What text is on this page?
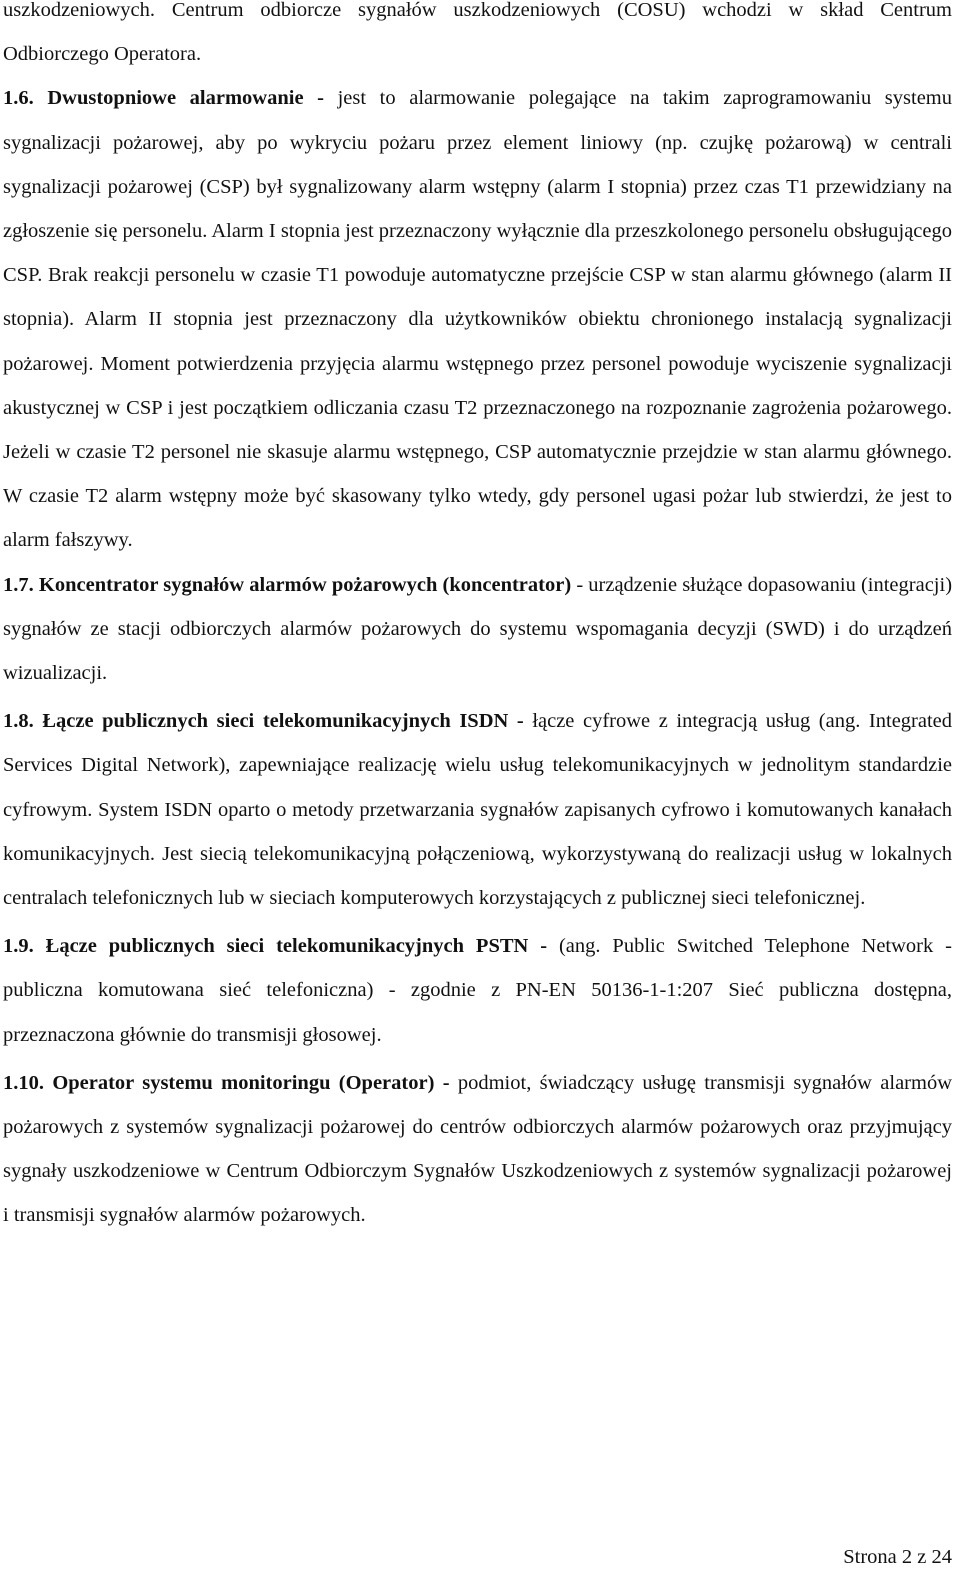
uszkodzeniowych. Centrum odbiorcze sygnałów uszkodzeniowych (COSU) wchodzi w skład Centrum Odbiorczego Operatora.

1.6. Dwustopniowe alarmowanie - jest to alarmowanie polegające na takim zaprogramowaniu systemu sygnalizacji pożarowej, aby po wykryciu pożaru przez element liniowy (np. czujkę pożarową) w centrali sygnalizacji pożarowej (CSP) był sygnalizowany alarm wstępny (alarm I stopnia) przez czas T1 przewidziany na zgłoszenie się personelu. Alarm I stopnia jest przeznaczony wyłącznie dla przeszkolonego personelu obsługującego CSP. Brak reakcji personelu w czasie T1 powoduje automatyczne przejście CSP w stan alarmu głównego (alarm II stopnia). Alarm II stopnia jest przeznaczony dla użytkowników obiektu chronionego instalacją sygnalizacji pożarowej. Moment potwierdzenia przyjęcia alarmu wstępnego przez personel powoduje wyciszenie sygnalizacji akustycznej w CSP i jest początkiem odliczania czasu T2 przeznaczonego na rozpoznanie zagrożenia pożarowego. Jeżeli w czasie T2 personel nie skasuje alarmu wstępnego, CSP automatycznie przejdzie w stan alarmu głównego. W czasie T2 alarm wstępny może być skasowany tylko wtedy, gdy personel ugasi pożar lub stwierdzi, że jest to alarm fałszywy.

1.7. Koncentrator sygnałów alarmów pożarowych (koncentrator) - urządzenie służące dopasowaniu (integracji) sygnałów ze stacji odbiorczych alarmów pożarowych do systemu wspomagania decyzji (SWD) i do urządzeń wizualizacji.

1.8. Łącze publicznych sieci telekomunikacyjnych ISDN - łącze cyfrowe z integracją usług (ang. Integrated Services Digital Network), zapewniające realizację wielu usług telekomunikacyjnych w jednolitym standardzie cyfrowym. System ISDN oparto o metody przetwarzania sygnałów zapisanych cyfrowo i komutowanych kanałach komunikacyjnych. Jest siecią telekomunikacyjną połączeniową, wykorzystywaną do realizacji usług w lokalnych centralach telefonicznych lub w sieciach komputerowych korzystających z publicznej sieci telefonicznej.

1.9. Łącze publicznych sieci telekomunikacyjnych PSTN - (ang. Public Switched Telephone Network - publiczna komutowana sieć telefoniczna) - zgodnie z PN-EN 50136-1-1:207 Sieć publiczna dostępna, przeznaczona głównie do transmisji głosowej.

1.10. Operator systemu monitoringu (Operator) - podmiot, świadczący usługę transmisji sygnałów alarmów pożarowych z systemów sygnalizacji pożarowej do centrów odbiorczych alarmów pożarowych oraz przyjmujący sygnały uszkodzeniowe w Centrum Odbiorczym Sygnałów Uszkodzeniowych z systemów sygnalizacji pożarowej i transmisji sygnałów alarmów pożarowych.

Strona 2 z 24
